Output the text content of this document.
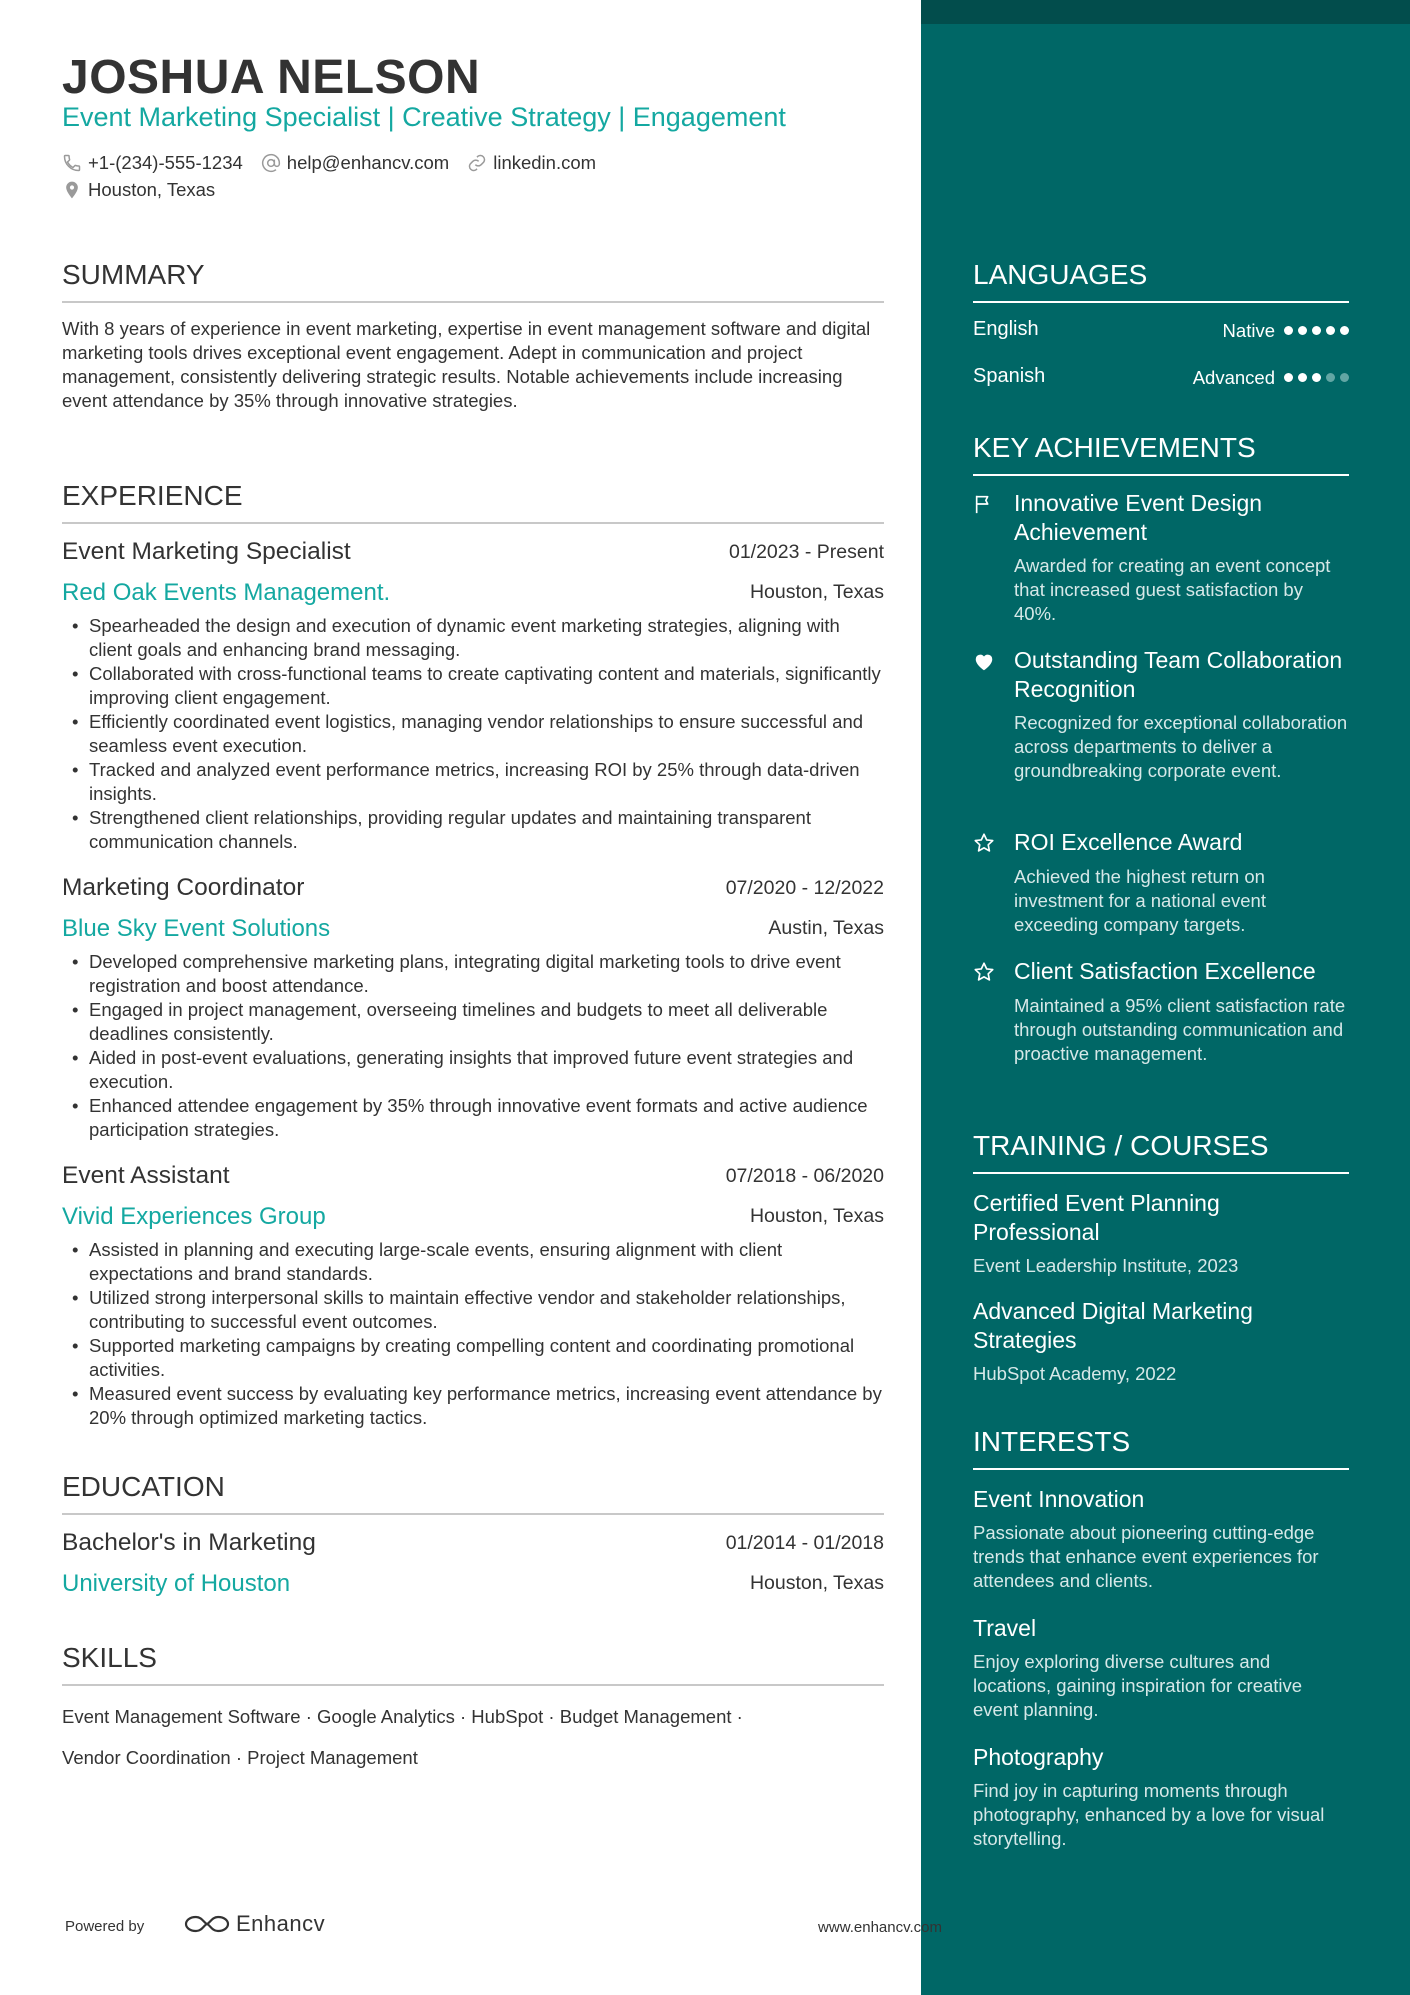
JOSHUA NELSON
Event Marketing Specialist | Creative Strategy | Engagement
+1-(234)-555-1234 help@enhancv.com linkedin.com
Houston, Texas
SUMMARY
With 8 years of experience in event marketing, expertise in event management software and digital marketing tools drives exceptional event engagement. Adept in communication and project management, consistently delivering strategic results. Notable achievements include increasing event attendance by 35% through innovative strategies.
EXPERIENCE
Event Marketing Specialist	01/2023 - Present
Red Oak Events Management.	Houston, Texas
• Spearheaded the design and execution of dynamic event marketing strategies, aligning with client goals and enhancing brand messaging.
• Collaborated with cross-functional teams to create captivating content and materials, significantly improving client engagement.
• Efficiently coordinated event logistics, managing vendor relationships to ensure successful and seamless event execution.
• Tracked and analyzed event performance metrics, increasing ROI by 25% through data-driven insights.
• Strengthened client relationships, providing regular updates and maintaining transparent communication channels.
Marketing Coordinator	07/2020 - 12/2022
Blue Sky Event Solutions	Austin, Texas
• Developed comprehensive marketing plans, integrating digital marketing tools to drive event registration and boost attendance.
• Engaged in project management, overseeing timelines and budgets to meet all deliverable deadlines consistently.
• Aided in post-event evaluations, generating insights that improved future event strategies and execution.
• Enhanced attendee engagement by 35% through innovative event formats and active audience participation strategies.
Event Assistant	07/2018 - 06/2020
Vivid Experiences Group	Houston, Texas
• Assisted in planning and executing large-scale events, ensuring alignment with client expectations and brand standards.
• Utilized strong interpersonal skills to maintain effective vendor and stakeholder relationships, contributing to successful event outcomes.
• Supported marketing campaigns by creating compelling content and coordinating promotional activities.
• Measured event success by evaluating key performance metrics, increasing event attendance by 20% through optimized marketing tactics.
EDUCATION
Bachelor's in Marketing	01/2014 - 01/2018
University of Houston	Houston, Texas
SKILLS
Event Management Software · Google Analytics · HubSpot · Budget Management ·
Vendor Coordination · Project Management
Powered by	Enhancv	www.enhancv.com
LANGUAGES
English	Native
Spanish	Advanced
KEY ACHIEVEMENTS
Innovative Event Design Achievement
Awarded for creating an event concept that increased guest satisfaction by 40%.
Outstanding Team Collaboration Recognition
Recognized for exceptional collaboration across departments to deliver a groundbreaking corporate event.
ROI Excellence Award
Achieved the highest return on investment for a national event exceeding company targets.
Client Satisfaction Excellence
Maintained a 95% client satisfaction rate through outstanding communication and proactive management.
TRAINING / COURSES
Certified Event Planning Professional
Event Leadership Institute, 2023
Advanced Digital Marketing Strategies
HubSpot Academy, 2022
INTERESTS
Event Innovation
Passionate about pioneering cutting-edge trends that enhance event experiences for attendees and clients.
Travel
Enjoy exploring diverse cultures and locations, gaining inspiration for creative event planning.
Photography
Find joy in capturing moments through photography, enhanced by a love for visual storytelling.
